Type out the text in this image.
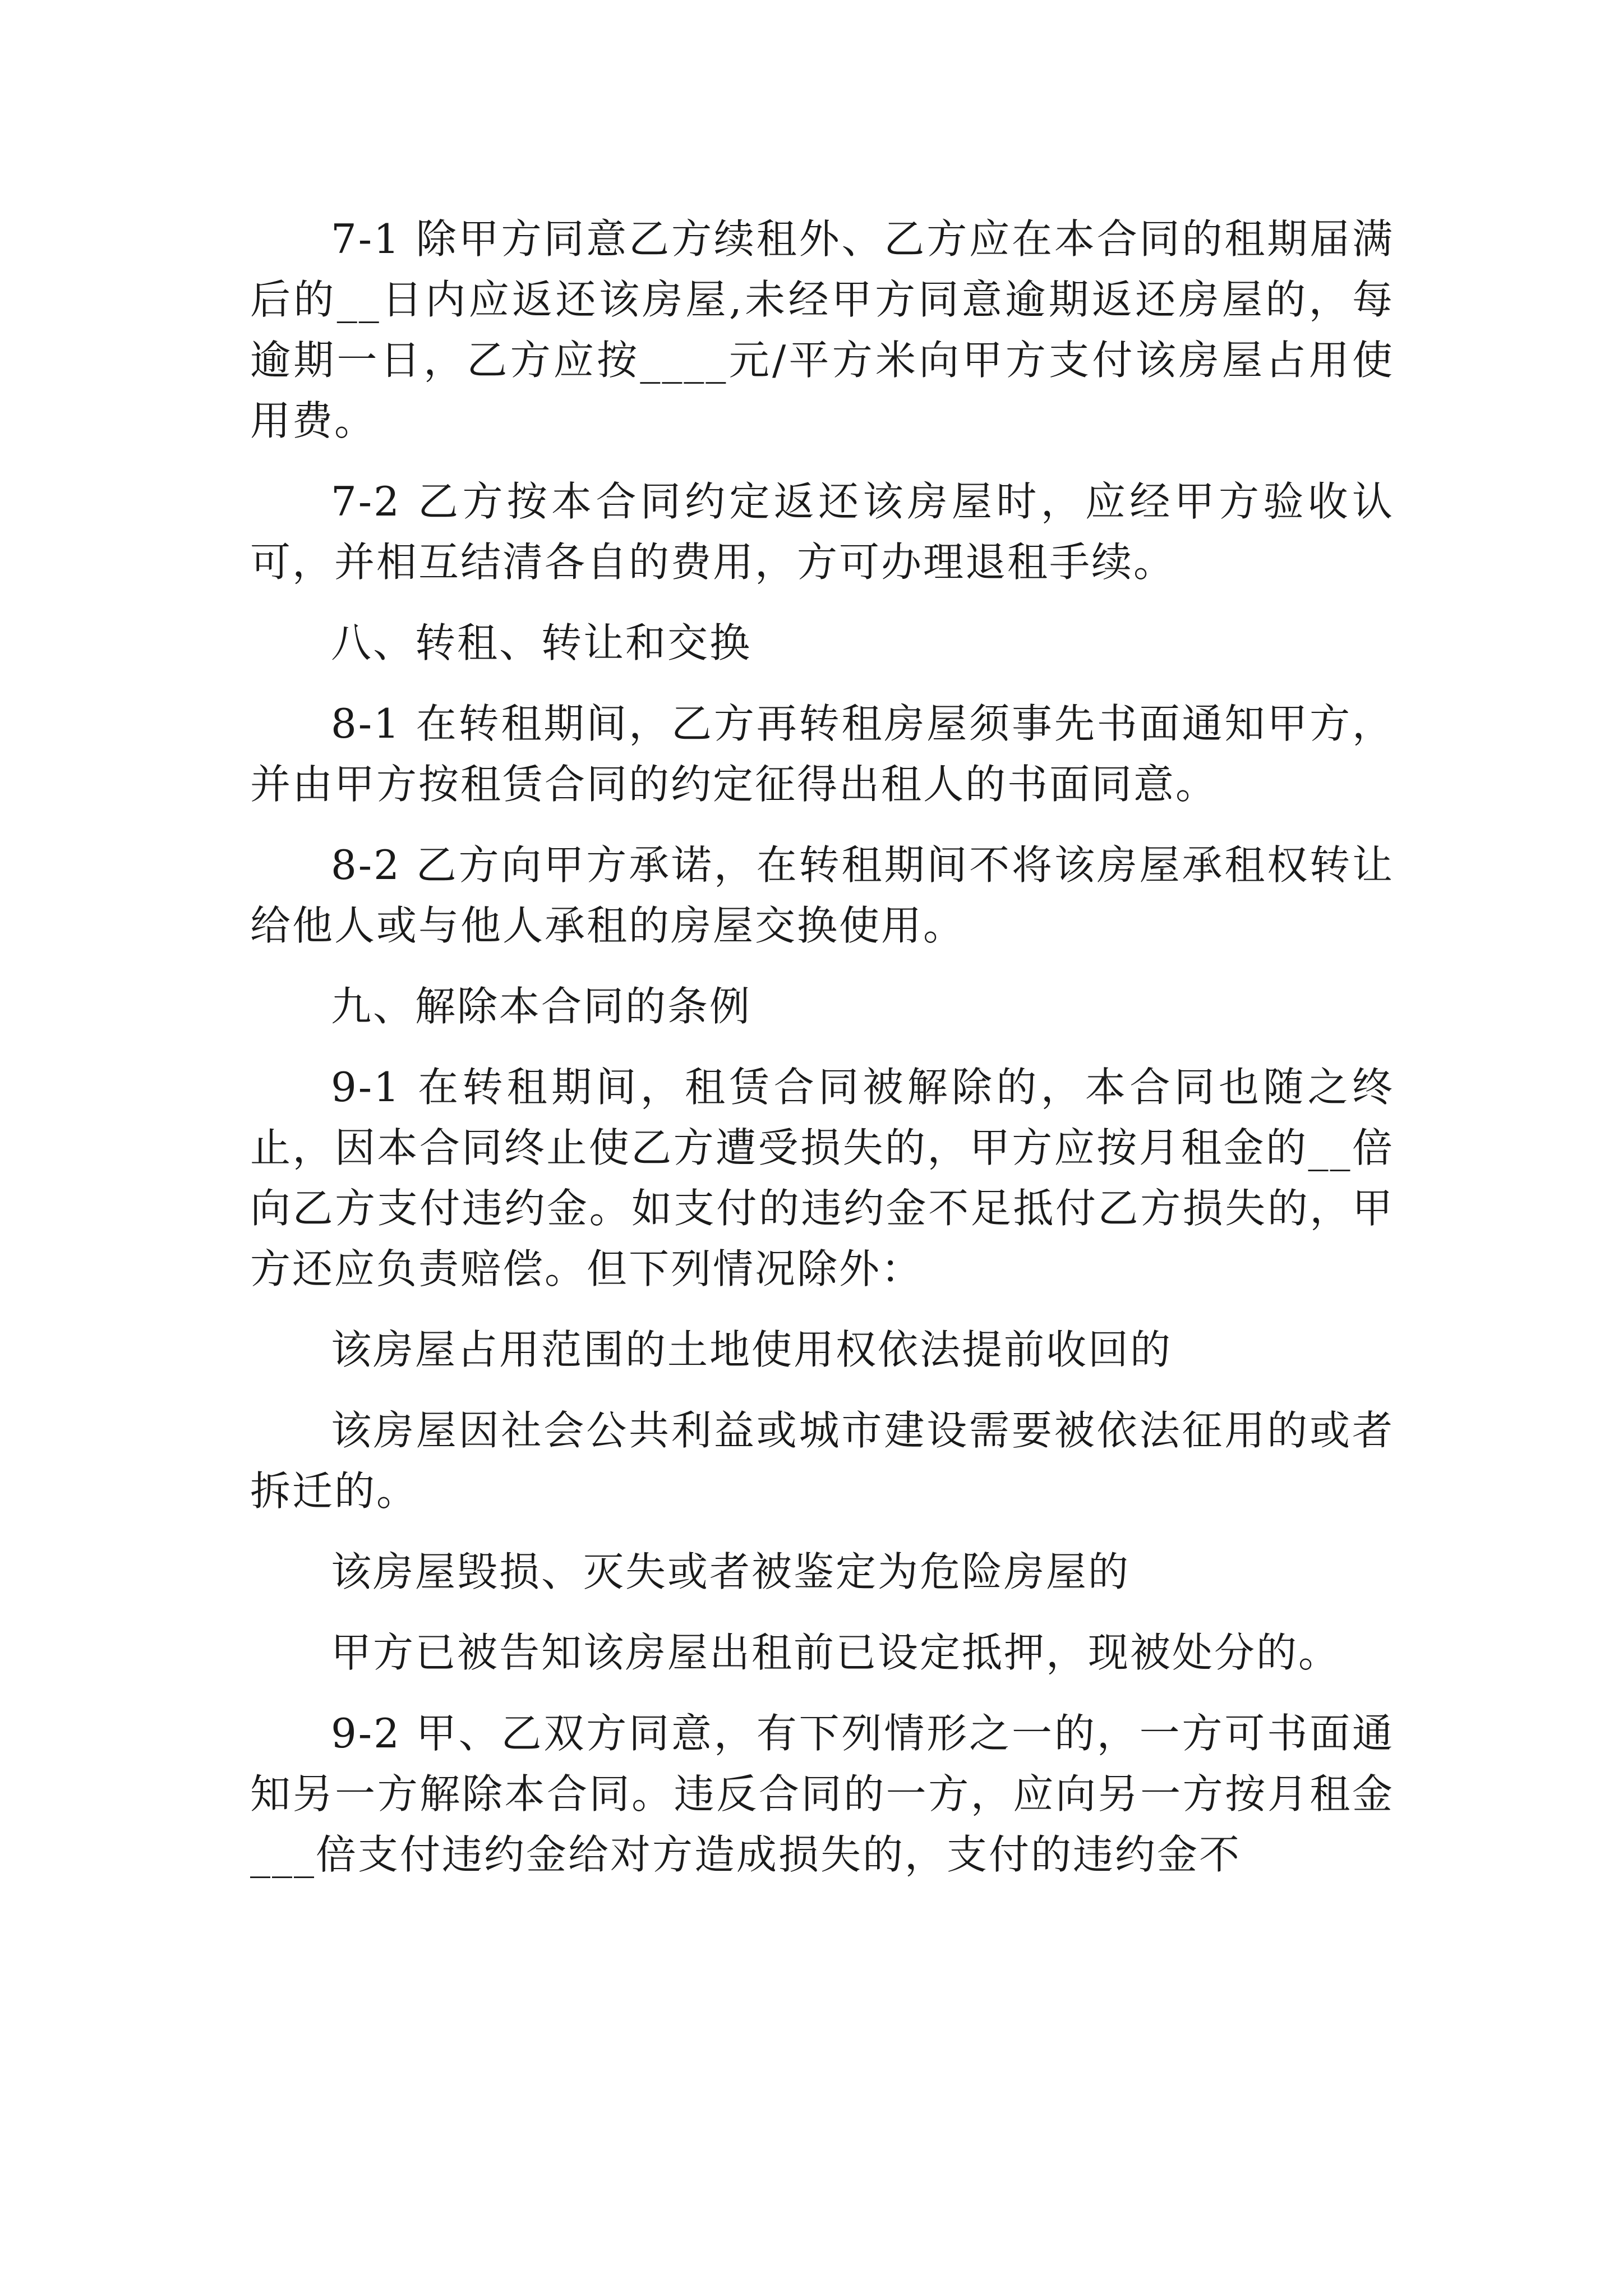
7-1 除甲方同意乙方续租外、乙方应在本合同的租期届满后的__日内应返还该房屋,未经甲方同意逾期返还房屋的，每逾期一日，乙方应按____元/平方米向甲方支付该房屋占用使用费。

7-2 乙方按本合同约定返还该房屋时，应经甲方验收认可，并相互结清各自的费用，方可办理退租手续。

八、转租、转让和交换

8-1 在转租期间，乙方再转租房屋须事先书面通知甲方，并由甲方按租赁合同的约定征得出租人的书面同意。

8-2 乙方向甲方承诺，在转租期间不将该房屋承租权转让给他人或与他人承租的房屋交换使用。

九、解除本合同的条例

9-1 在转租期间，租赁合同被解除的，本合同也随之终止，因本合同终止使乙方遭受损失的，甲方应按月租金的__倍向乙方支付违约金。如支付的违约金不足抵付乙方损失的，甲方还应负责赔偿。但下列情况除外：

该房屋占用范围的土地使用权依法提前收回的

该房屋因社会公共利益或城市建设需要被依法征用的或者拆迁的。

该房屋毁损、灭失或者被鉴定为危险房屋的

甲方已被告知该房屋出租前已设定抵押，现被处分的。

9-2 甲、乙双方同意，有下列情形之一的，一方可书面通知另一方解除本合同。违反合同的一方，应向另一方按月租金___倍支付违约金给对方造成损失的，支付的违约金不
